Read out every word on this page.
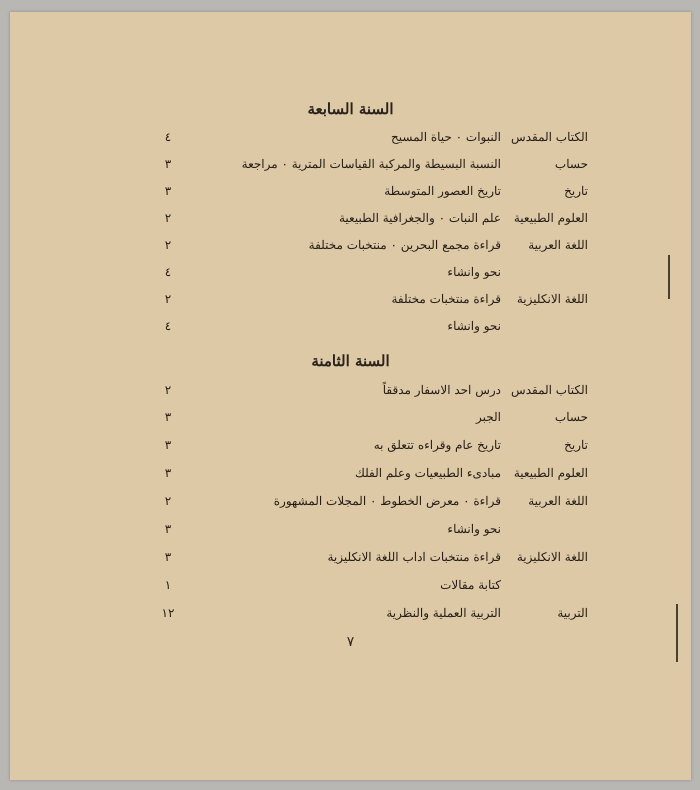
السنة السابعة
الكتاب المقدس
النبوات ٠ حياة المسيح
٤
حساب
النسبة البسيطة والمركبة القياسات المترية ٠ مراجعة
٣
تاريخ
تاريخ العصور المتوسطة
٣
العلوم الطبيعية
علم النبات ٠ والجغرافية الطبيعية
٢
اللغة العربية
قراءة مجمع البحرين ٠ منتخبات مختلفة
٢
نحو وانشاء
٤
اللغة الانكليزية
قراءة منتخبات مختلفة
٢
نحو وانشاء
٤
السنة الثامنة
الكتاب المقدس
درس احد الاسفار مدققاً
٢
حساب
الجبر
٣
تاريخ
تاريخ عام وقراءه تتعلق به
٣
العلوم الطبيعية
مبادىء الطبيعيات وعلم الفلك
٣
اللغة العربية
قراءة ٠ معرض الخطوط ٠ المجلات المشهورة
٢
نحو وانشاء
٣
اللغة الانكليزية
قراءة منتخبات اداب اللغة الانكليزية
٣
كتابة مقالات
١
التربية
التربية العملية والنظرية
١٢
٧
